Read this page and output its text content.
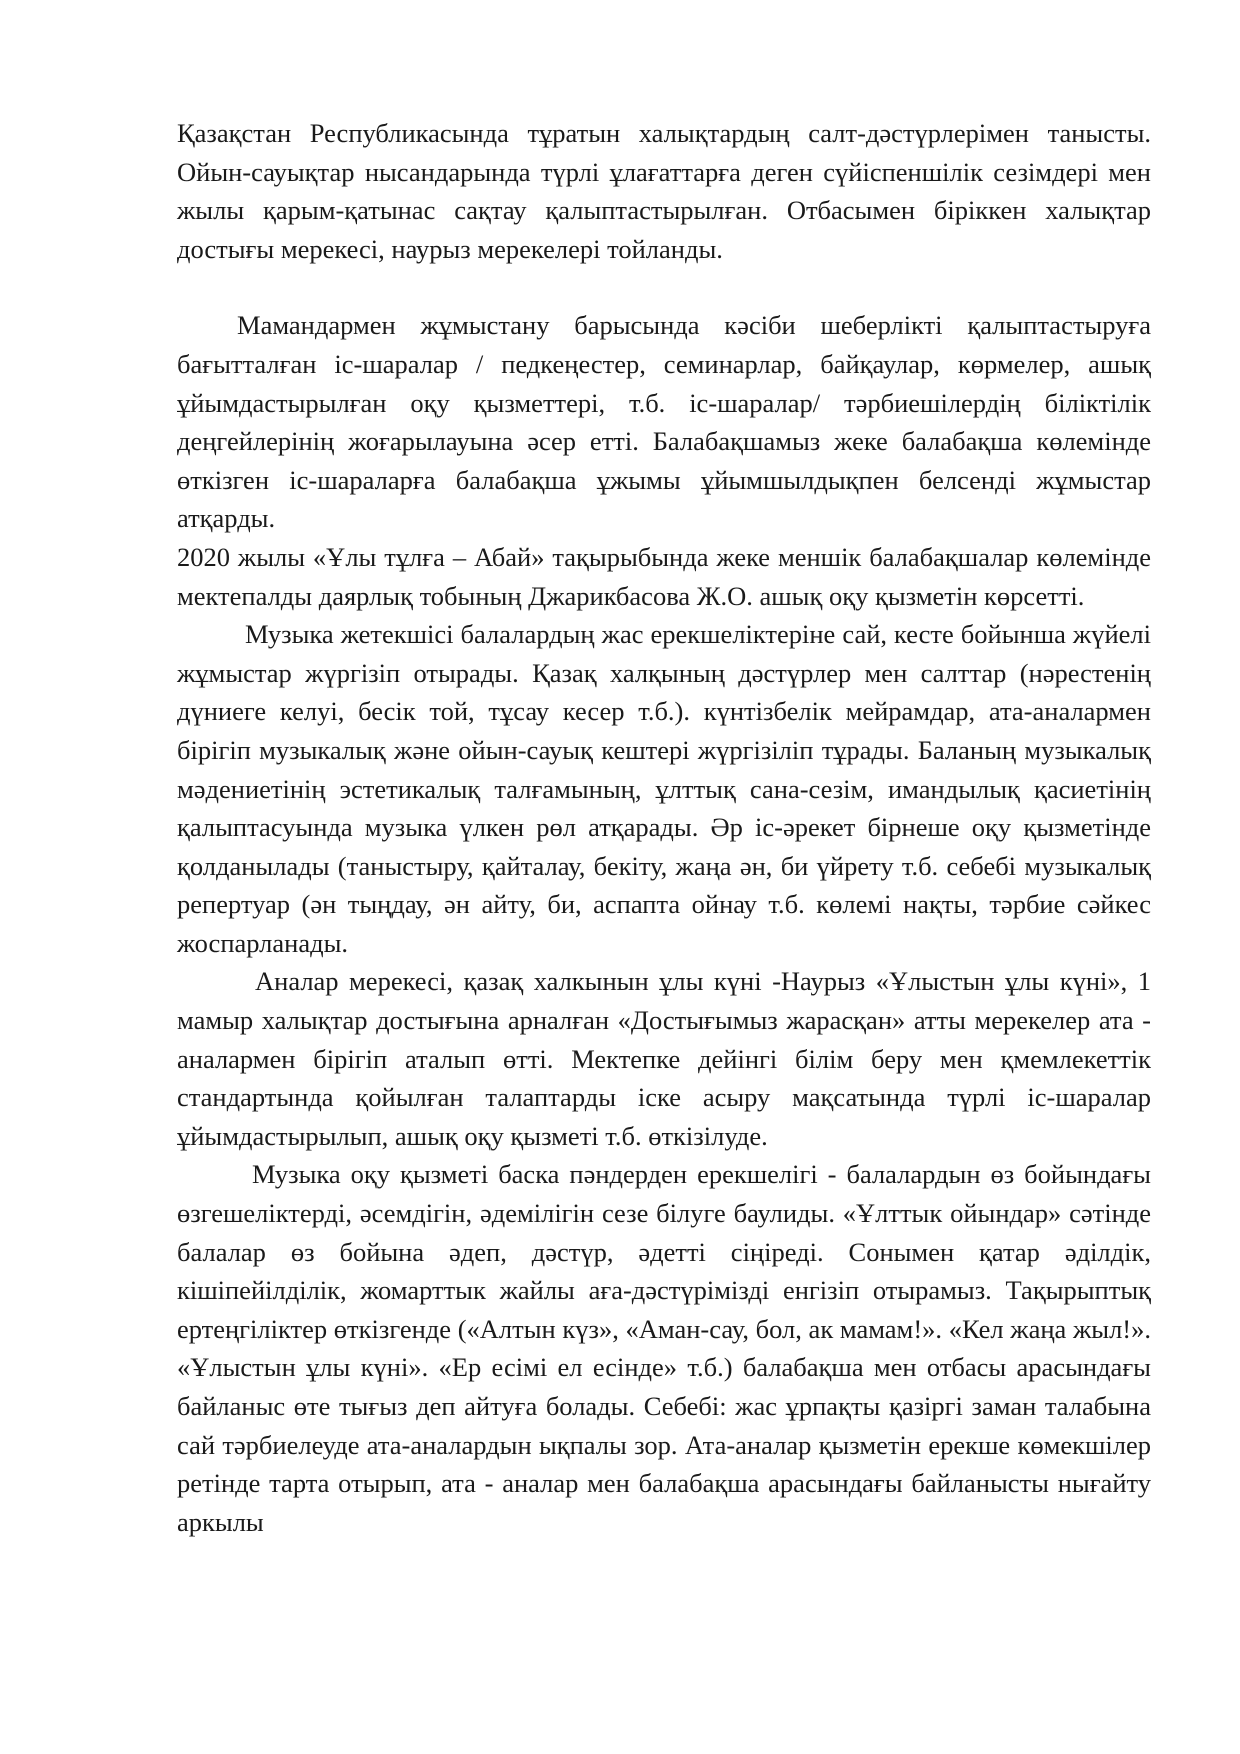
Қазақстан Республикасында тұратын халықтардың салт-дәстүрлерімен танысты. Ойын-сауықтар нысандарында түрлі ұлағаттарға деген сүйіспеншілік сезімдері мен жылы қарым-қатынас сақтау қалыптастырылған. Отбасымен біріккен халықтар достығы мерекесі, наурыз мерекелері тойланды.

Мамандармен жұмыстану барысында кәсіби шеберлікті қалыптастыруға бағытталған іс-шаралар / педкеңестер, семинарлар, байқаулар, көрмелер, ашық ұйымдастырылған оқу қызметтері, т.б. іс-шаралар/ тәрбиешілердің біліктілік деңгейлерінің жоғарылауына әсер етті. Балабақшамыз жеке балабақша көлемінде өткізген іс-шараларға балабақша ұжымы ұйымшылдықпен белсенді жұмыстар атқарды.

2020 жылы «Ұлы тұлға – Абай» тақырыбында жеке меншік балабақшалар көлемінде мектепалды даярлық тобының Джарикбасова Ж.О. ашық оқу қызметін көрсетті.

Музыка жетекшісі балалардың жас ерекшеліктеріне сай, кесте бойынша жүйелі жұмыстар жүргізіп отырады. Қазақ халқының дәстүрлер мен салттар (нәрестенің дүниеге келуі, бесік той, тұсау кесер т.б.). күнтізбелік мейрамдар, ата-аналармен бірігіп музыкалық және ойын-сауық кештері жүргізіліп тұрады. Баланың музыкалық мәдениетінің эстетикалық талғамының, ұлттық сана-сезім, имандылық қасиетінің қалыптасуында музыка үлкен рөл атқарады. Әр іс-әрекет бірнеше оқу қызметінде қолданылады (таныстыру, қайталау, бекіту, жаңа ән, би үйрету т.б. себебі музыкалық репертуар (ән тыңдау, ән айту, би, аспапта ойнау т.б. көлемі нақты, тәрбие сәйкес жоспарланады.

Аналар мерекесі, қазақ халкынын ұлы күні -Наурыз «Ұлыстын ұлы күні», 1 мамыр халықтар достығына арналған «Достығымыз жарасқан» атты мерекелер ата - аналармен бірігіп аталып өтті. Мектепке дейінгі білім беру мен қмемлекеттік стандартында қойылған талаптарды іске асыру мақсатында түрлі іс-шаралар ұйымдастырылып, ашық оқу қызметі т.б. өткізілуде.

Музыка оқу қызметі баска пәндерден ерекшелігі - балалардын өз бойындағы өзгешеліктерді, әсемдігін, әдемілігін сезе білуге баулиды. «Ұлттык ойындар» сәтінде балалар өз бойына әдеп, дәстүр, әдетті сіңіреді. Сонымен қатар әділдік, кішіпейілділік, жомарттык жайлы аға-дәстүрімізді енгізіп отырамыз. Тақырыптық ертеңгіліктер өткізгенде («Алтын күз», «Аман-сау, бол, ак мамам!». «Кел жаңа жыл!». «Ұлыстын ұлы күні». «Ер есімі ел есінде» т.б.) балабақша мен отбасы арасындағы байланыс өте тығыз деп айтуға болады. Себебі: жас ұрпақты қазіргі заман талабына сай тәрбиелеуде ата-аналардын ықпалы зор. Ата-аналар қызметін ерекше көмекшілер ретінде тарта отырып, ата - аналар мен балабақша арасындағы байланысты нығайту аркылы
